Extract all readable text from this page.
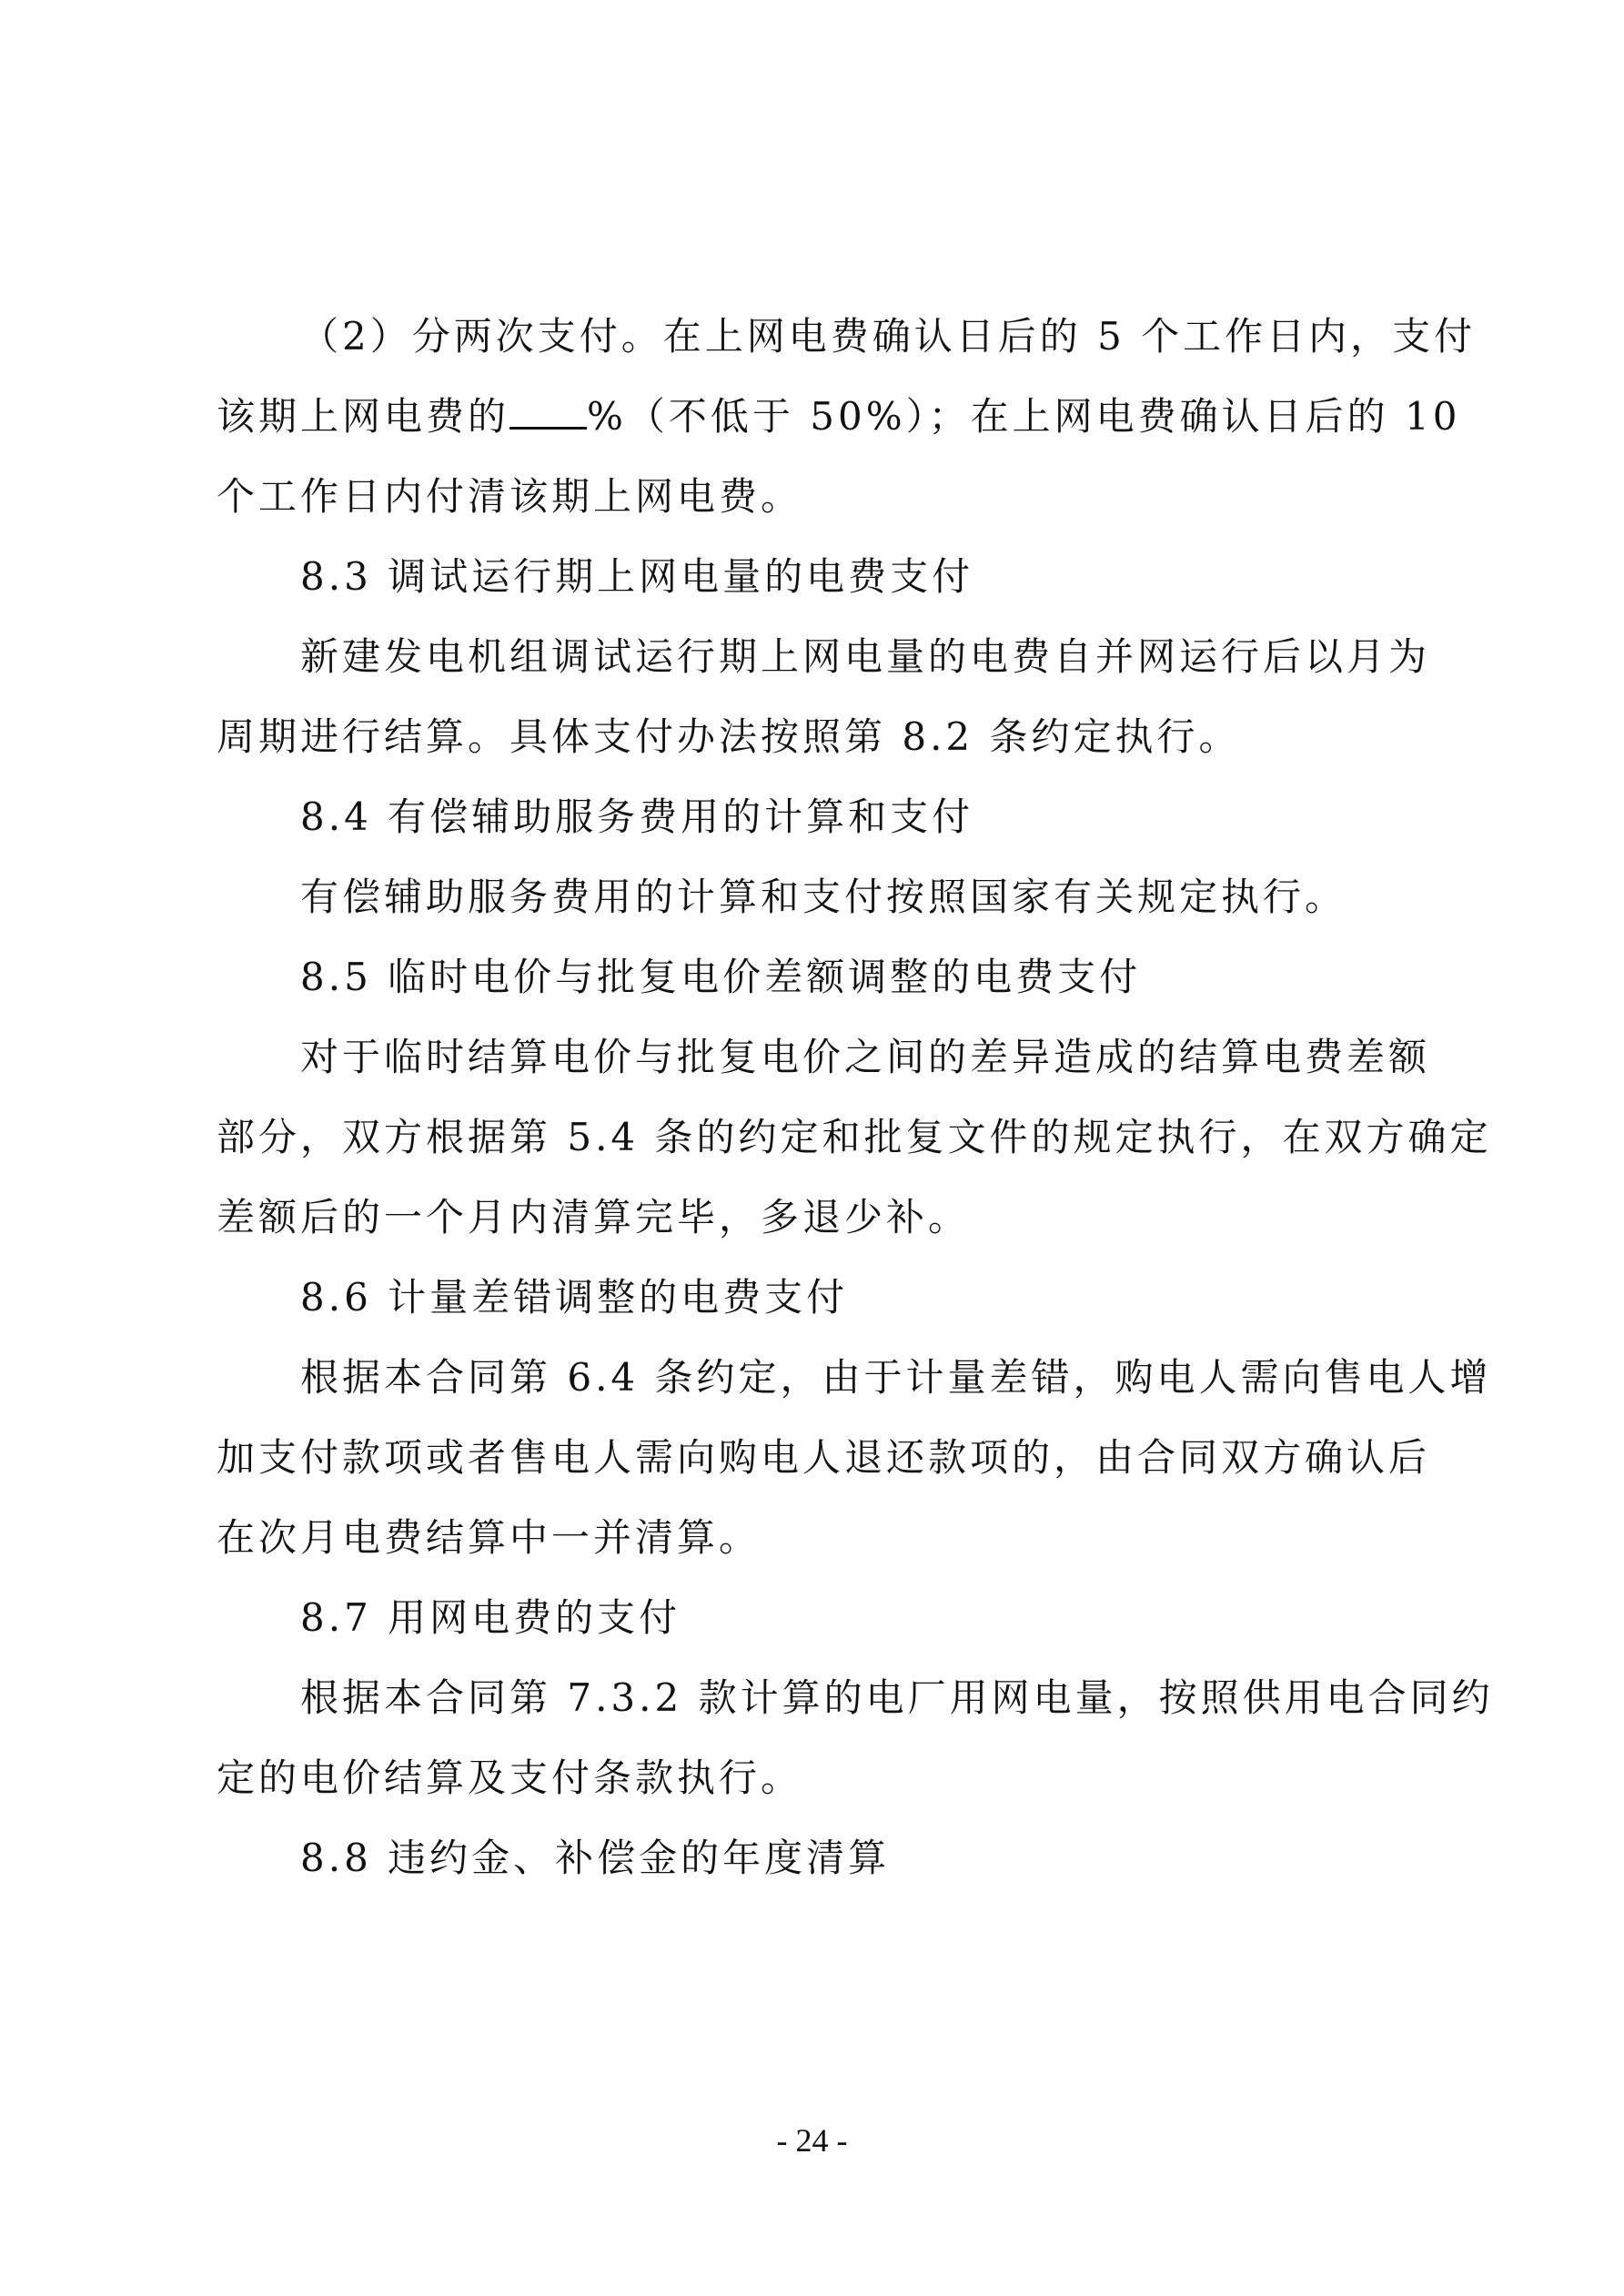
（2）分两次支付。在上网电费确认日后的 5 个工作日内，支付
该期上网电费的 %（不低于 50%）；在上网电费确认日后的 10
个工作日内付清该期上网电费。
8.3 调试运行期上网电量的电费支付
新建发电机组调试运行期上网电量的电费自并网运行后以月为
周期进行结算。具体支付办法按照第 8.2 条约定执行。
8.4 有偿辅助服务费用的计算和支付
有偿辅助服务费用的计算和支付按照国家有关规定执行。
8.5 临时电价与批复电价差额调整的电费支付
对于临时结算电价与批复电价之间的差异造成的结算电费差额
部分，双方根据第 5.4 条的约定和批复文件的规定执行，在双方确定
差额后的一个月内清算完毕，多退少补。
8.6 计量差错调整的电费支付
根据本合同第 6.4 条约定，由于计量差错，购电人需向售电人增
加支付款项或者售电人需向购电人退还款项的，由合同双方确认后
在次月电费结算中一并清算。
8.7 用网电费的支付
根据本合同第 7.3.2 款计算的电厂用网电量，按照供用电合同约
定的电价结算及支付条款执行。
8.8 违约金、补偿金的年度清算
- 24 -
